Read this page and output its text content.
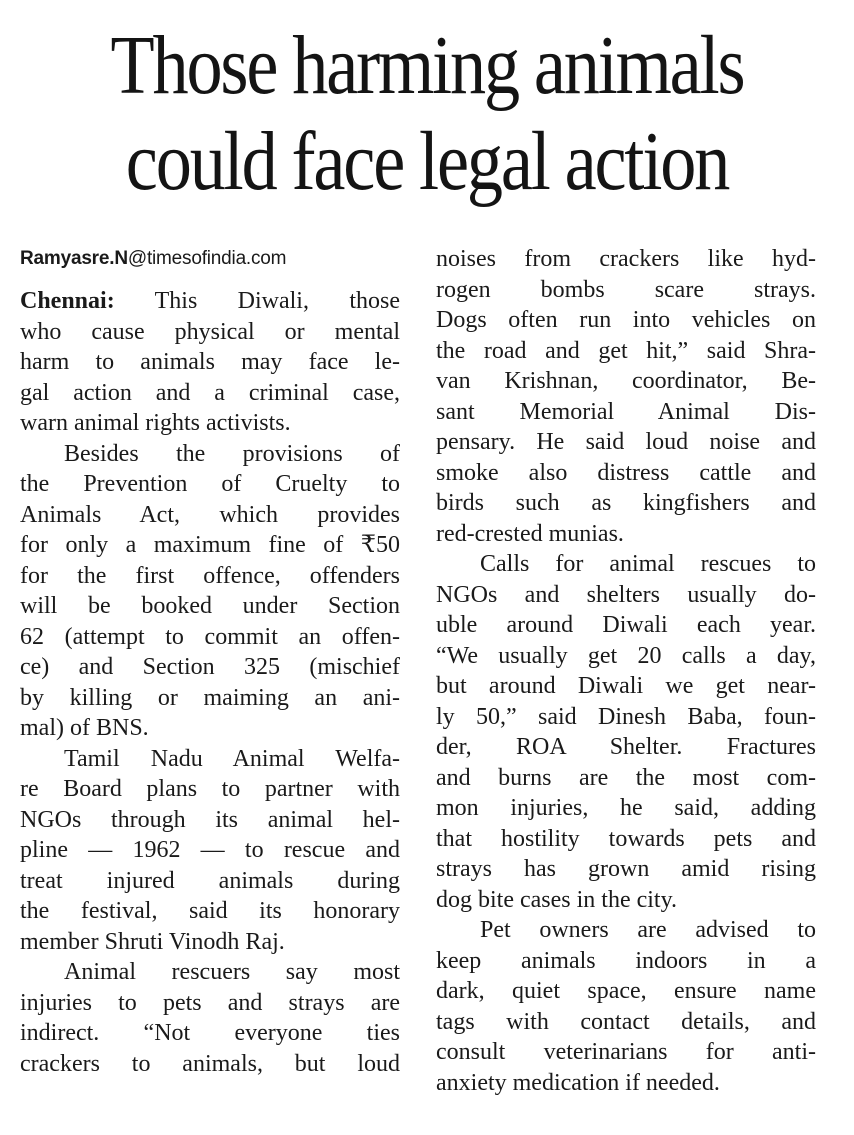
Those harming animals
could face legal action
Ramyasre.N@timesofindia.com
Chennai: This Diwali, those
who cause physical or mental
harm to animals may face le-
gal action and a criminal case,
warn animal rights activists.
Besides the provisions of
the Prevention of Cruelty to
Animals Act, which provides
for only a maximum fine of ₹50
for the first offence, offenders
will be booked under Section
62 (attempt to commit an offen-
ce) and Section 325 (mischief
by killing or maiming an ani-
mal) of BNS.
Tamil Nadu Animal Welfa-
re Board plans to partner with
NGOs through its animal hel-
pline — 1962 — to rescue and
treat injured animals during
the festival, said its honorary
member Shruti Vinodh Raj.
Animal rescuers say most
injuries to pets and strays are
indirect. “Not everyone ties
crackers to animals, but loud
noises from crackers like hyd-
rogen bombs scare strays.
Dogs often run into vehicles on
the road and get hit,” said Shra-
van Krishnan, coordinator, Be-
sant Memorial Animal Dis-
pensary. He said loud noise and
smoke also distress cattle and
birds such as kingfishers and
red-crested munias.
Calls for animal rescues to
NGOs and shelters usually do-
uble around Diwali each year.
“We usually get 20 calls a day,
but around Diwali we get near-
ly 50,” said Dinesh Baba, foun-
der, ROA Shelter. Fractures
and burns are the most com-
mon injuries, he said, adding
that hostility towards pets and
strays has grown amid rising
dog bite cases in the city.
Pet owners are advised to
keep animals indoors in a
dark, quiet space, ensure name
tags with contact details, and
consult veterinarians for anti-
anxiety medication if needed.
